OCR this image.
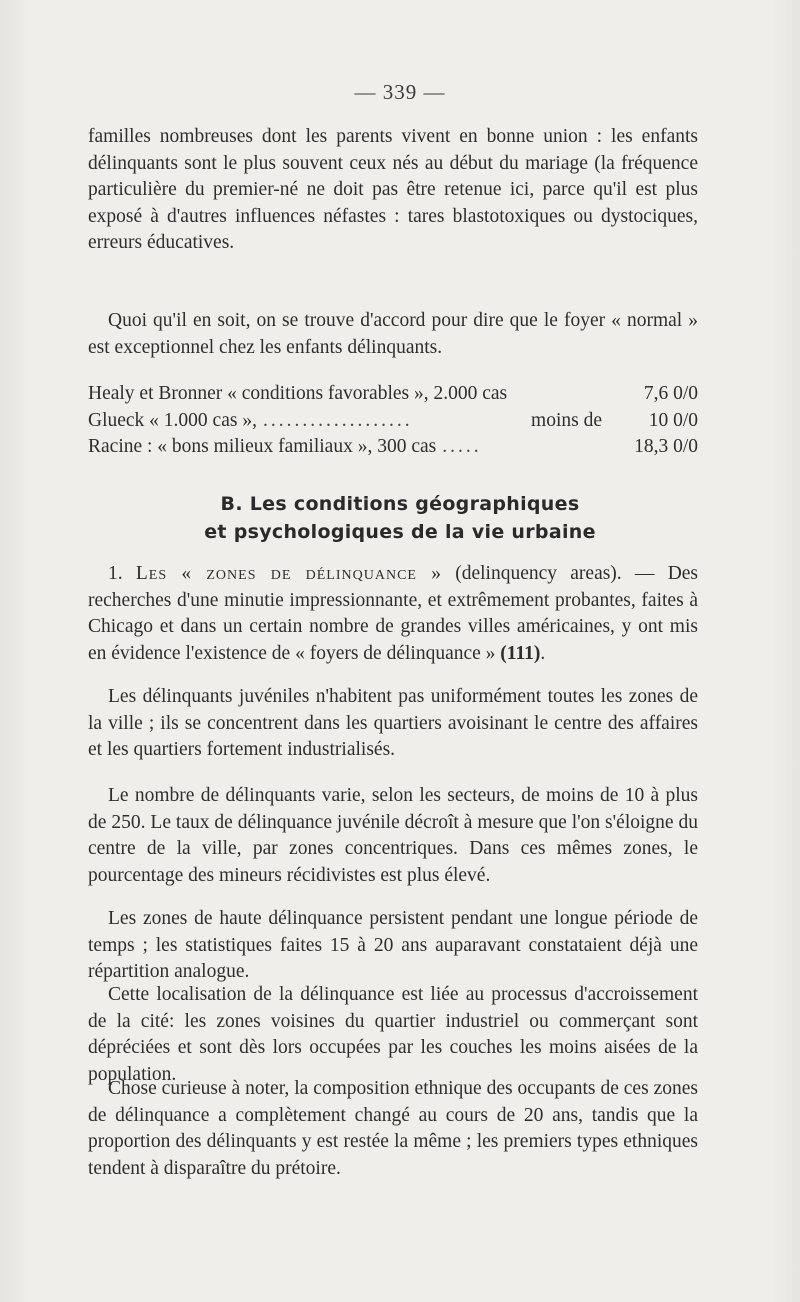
— 339 —

familles nombreuses dont les parents vivent en bonne union : les enfants délinquants sont le plus souvent ceux nés au début du mariage (la fréquence particulière du premier-né ne doit pas être retenue ici, parce qu'il est plus exposé à d'autres influences néfastes : tares blastotoxiques ou dystociques, erreurs éducatives.

Quoi qu'il en soit, on se trouve d'accord pour dire que le foyer « normal » est exceptionnel chez les enfants délinquants.

Healy et Bronner « conditions favorables », 2.000 cas	7,6 0/0
Glueck « 1.000 cas », ...................	moins de 10 0/0
Racine : « bons milieux familiaux », 300 cas .....	18,3 0/0
B. Les conditions géographiques
et psychologiques de la vie urbaine

1. Les « zones de délinquance » (delinquency areas). — Des recherches d'une minutie impressionnante, et extrêmement probantes, faites à Chicago et dans un certain nombre de grandes villes américaines, y ont mis en évidence l'existence de « foyers de délinquance » (111).

Les délinquants juvéniles n'habitent pas uniformément toutes les zones de la ville ; ils se concentrent dans les quartiers avoisinant le centre des affaires et les quartiers fortement industrialisés.

Le nombre de délinquants varie, selon les secteurs, de moins de 10 à plus de 250. Le taux de délinquance juvénile décroît à mesure que l'on s'éloigne du centre de la ville, par zones concentriques. Dans ces mêmes zones, le pourcentage des mineurs récidivistes est plus élevé.

Les zones de haute délinquance persistent pendant une longue période de temps ; les statistiques faites 15 à 20 ans auparavant constataient déjà une répartition analogue.

Cette localisation de la délinquance est liée au processus d'accroissement de la cité: les zones voisines du quartier industriel ou commerçant sont dépréciées et sont dès lors occupées par les couches les moins aisées de la population.

Chose curieuse à noter, la composition ethnique des occupants de ces zones de délinquance a complètement changé au cours de 20 ans, tandis que la proportion des délinquants y est restée la même ; les premiers types ethniques tendent à disparaître du prétoire.
